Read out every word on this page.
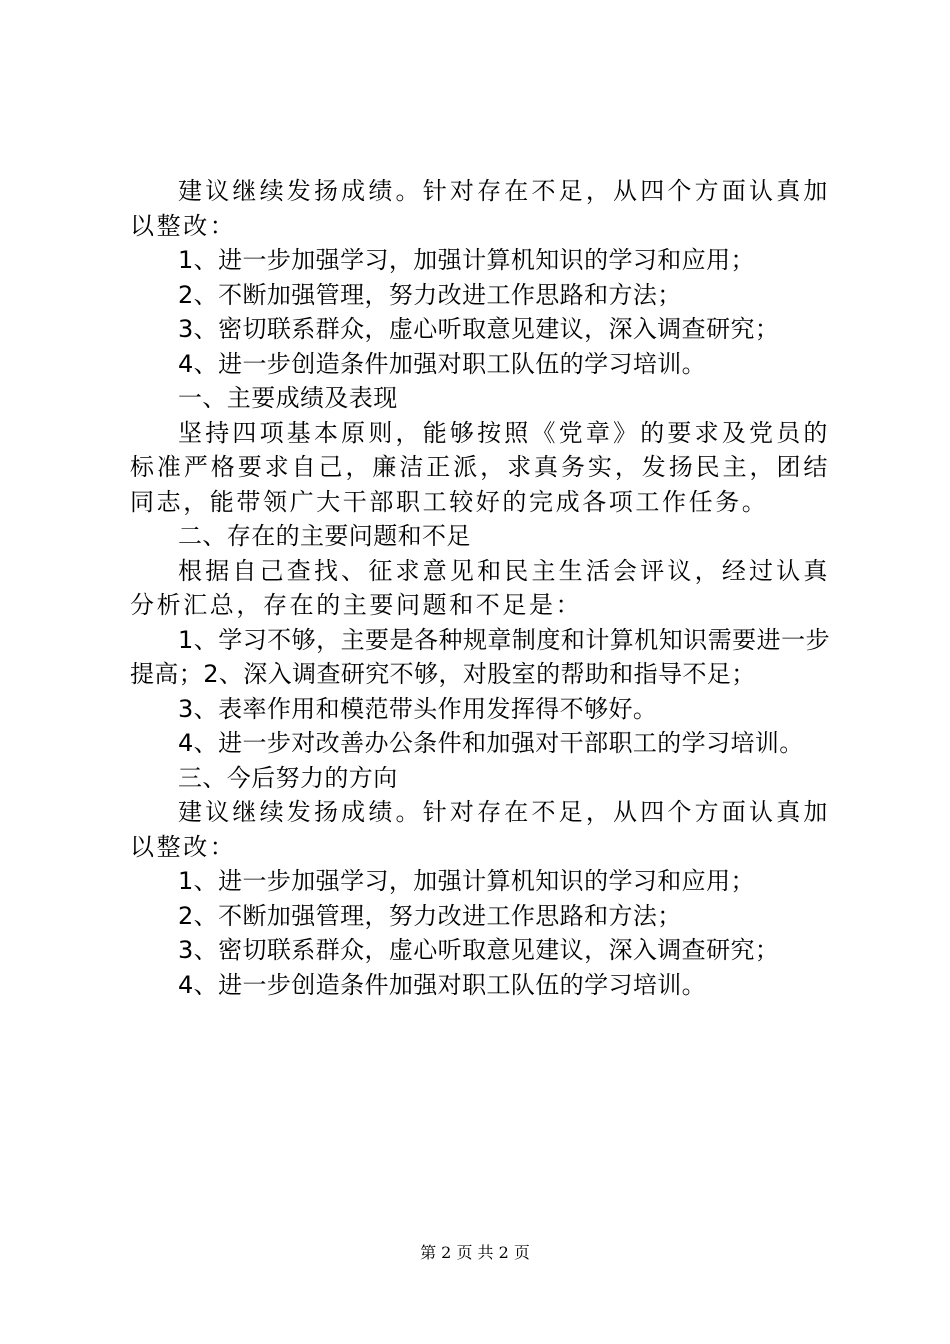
建议继续发扬成绩。针对存在不足，从四个方面认真加以整改：

1、进一步加强学习，加强计算机知识的学习和应用；

2、不断加强管理，努力改进工作思路和方法；

3、密切联系群众，虚心听取意见建议，深入调查研究；

4、进一步创造条件加强对职工队伍的学习培训。

一、主要成绩及表现

坚持四项基本原则，能够按照《党章》的要求及党员的标准严格要求自己，廉洁正派，求真务实，发扬民主，团结同志，能带领广大干部职工较好的完成各项工作任务。

二、存在的主要问题和不足

根据自己查找、征求意见和民主生活会评议，经过认真分析汇总，存在的主要问题和不足是：

1、学习不够，主要是各种规章制度和计算机知识需要进一步提高；2、深入调查研究不够，对股室的帮助和指导不足；

3、表率作用和模范带头作用发挥得不够好。

4、进一步对改善办公条件和加强对干部职工的学习培训。

三、今后努力的方向

建议继续发扬成绩。针对存在不足，从四个方面认真加以整改：

1、进一步加强学习，加强计算机知识的学习和应用；

2、不断加强管理，努力改进工作思路和方法；

3、密切联系群众，虚心听取意见建议，深入调查研究；

4、进一步创造条件加强对职工队伍的学习培训。

第 2 页 共 2 页
